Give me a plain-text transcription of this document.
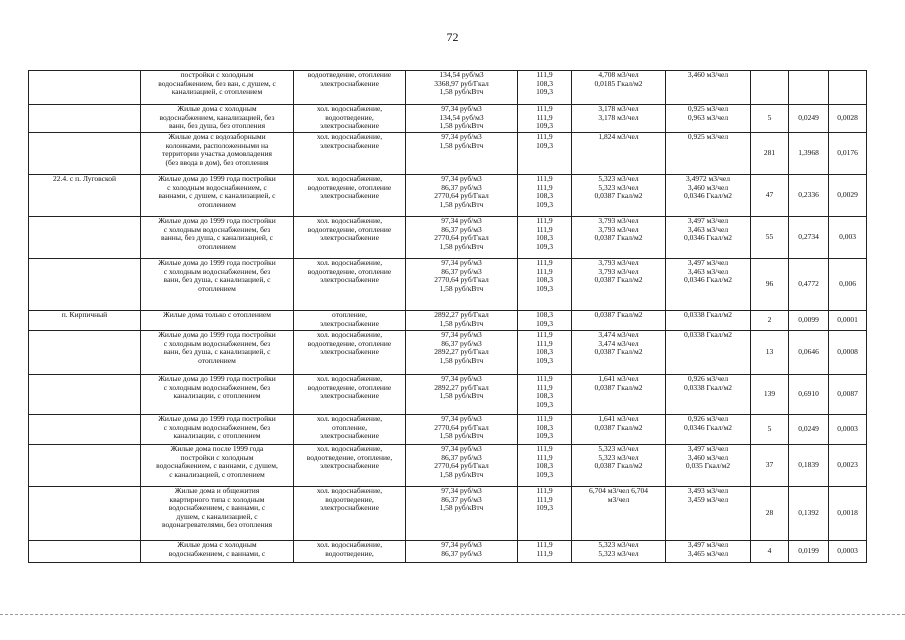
72

	постройки с холодным
водоснабжением, без ван, с душем, с
канализацией, с отоплением	водоотведение, отопление
электроснабжение	134,54 руб/м3
3368,97 руб/Гкал
1,58 руб/кВтч	111,9
108,3
109,3	4,708 м3/чел
0,0185 Гкал/м2	3,460 м3/чел			

	Жилые дома с холодным
водоснабжением, канализацией, без
ванн, без душа, без отопления	хол. водоснабжение,
водоотведение,
электроснабжение	97,34 руб/м3
134,54 руб/м3
1,58 руб/кВтч	111,9
111,9
109,3	3,178 м3/чел
3,178 м3/чел	0,925 м3/чел
0,963 м3/чел	5	0,0249	0,0028

	Жилые дома с водозаборными
колонками, расположенными на
территории участка домовладения
(без ввода в дом), без отопления	хол. водоснабжение,
электроснабжение	97,34 руб/м3
1,58 руб/кВтч	111,9
109,3	1,824 м3/чел	0,925 м3/чел	281	1,3968	0,0176
22.4. с п. Луговской	Жилые дома до 1999 года постройки
с холодным водоснабжением, с
ваннами, с душем, с канализацией, с
отоплением	хол. водоснабжение,
водоотведение, отопление
электроснабжение	97,34 руб/м3
86,37 руб/м3
2770,64 руб/Гкал
1,58 руб/кВтч	111,9
111,9
108,3
109,3	5,323 м3/чел
5,323 м3/чел
0,0387 Гкал/м2	3,4972 м3/чел
3,460 м3/чел
0,0346 Гкал/м2	47	0,2336	0,0029

	Жилые дома до 1999 года постройки
с холодным водоснабжением, без
ванны, без душа, с канализацией, с
отоплением	хол. водоснабжение,
водоотведение, отопление
электроснабжение	97,34 руб/м3
86,37 руб/м3
2770,64 руб/Гкал
1,58 руб/кВтч	111,9
111,9
108,3
109,3	3,793 м3/чел
3,793 м3/чел
0,0387 Гкал/м2	3,497 м3/чел
3,463 м3/чел
0,0346 Гкал/м2	55	0,2734	0,003

	Жилые дома до 1999 года постройки
с холодным водоснабжением, без
ванн, без душа, с канализацией, с
отоплением	хол. водоснабжение,
водоотведение, отопление
электроснабжение	97,34 руб/м3
86,37 руб/м3
2770,64 руб/Гкал
1,58 руб/кВтч	111,9
111,9
108,3
109,3	3,793 м3/чел
3,793 м3/чел
0,0387 Гкал/м2	3,497 м3/чел
3,463 м3/чел
0,0346 Гкал/м2	96	0,4772	0,006
п. Кирпичный	Жилые дома только с отоплением	отопление,
электроснабжение	2892,27 руб/Гкал
1,58 руб/кВтч	108,3
109,3	0,0387 Гкал/м2	0,0338 Гкал/м2	2	0,0099	0,0001

	Жилые дома до 1999 года постройки
с холодным водоснабжением, без
ванн, без душа, с канализацией, с
отоплением	хол. водоснабжение,
водоотведение, отопление
электроснабжение	97,34 руб/м3
86,37 руб/м3
2892,27 руб/Гкал
1,58 руб/кВтч	111,9
111,9
108,3
109,3	3,474 м3/чел
3,474 м3/чел
0,0387 Гкал/м2	0,0338 Гкал/м2	13	0,0646	0,0008

	Жилые дома до 1999 года постройки
с холодным водоснабжением, без
канализации, с отоплением	хол. водоснабжение,
водоотведение, отопление
электроснабжение	97,34 руб/м3
2892,27 руб/Гкал
1,58 руб/кВтч	111,9
111,9
108,3
109,3	1,641 м3/чел
0,0387 Гкал/м2	0,926 м3/чел
0,0338 Гкал/м2	139	0,6910	0,0087

	Жилые дома до 1999 года постройки
с холодным водоснабжением, без
канализации, с отоплением	хол. водоснабжение,
отопление,
электроснабжение	97,34 руб/м3
2770,64 руб/Гкал
1,58 руб/кВтч	111,9
108,3
109,3	1,641 м3/чел
0,0387 Гкал/м2	0,926 м3/чел
0,0346 Гкал/м2	5	0,0249	0,0003

	Жилые дома после 1999 года
постройки с холодным
водоснабжением, с ваннами, с душем,
с канализацией, с отоплением	хол. водоснабжение,
водоотведение, отопление,
электроснабжение	97,34 руб/м3
86,37 руб/м3
2770,64 руб/Гкал
1,58 руб/кВтч	111,9
111,9
108,3
109,3	5,323 м3/чел
5,323 м3/чел
0,0387 Гкал/м2	3,497 м3/чел
3,460 м3/чел
0,035 Гкал/м2	37	0,1839	0,0023

	Жилые дома и общежития
квартирного типа с холодным
водоснабжением, с ваннами, с
душем, с канализацией, с
водонагревателями, без отопления	хол. водоснабжение,
водоотведение,
электроснабжение	97,34 руб/м3
86,37 руб/м3
1,58 руб/кВтч	111,9
111,9
109,3	6,704 м3/чел 6,704
м3/чел	3,493 м3/чел
3,459 м3/чел	28	0,1392	0,0018

	Жилые дома с холодным
водоснабжением, с ваннами, с	хол. водоснабжение,
водоотведение,	97,34 руб/м3
86,37 руб/м3	111,9
111,9	5,323 м3/чел
5,323 м3/чел	3,497 м3/чел
3,465 м3/чел	4	0,0199	0,0003
